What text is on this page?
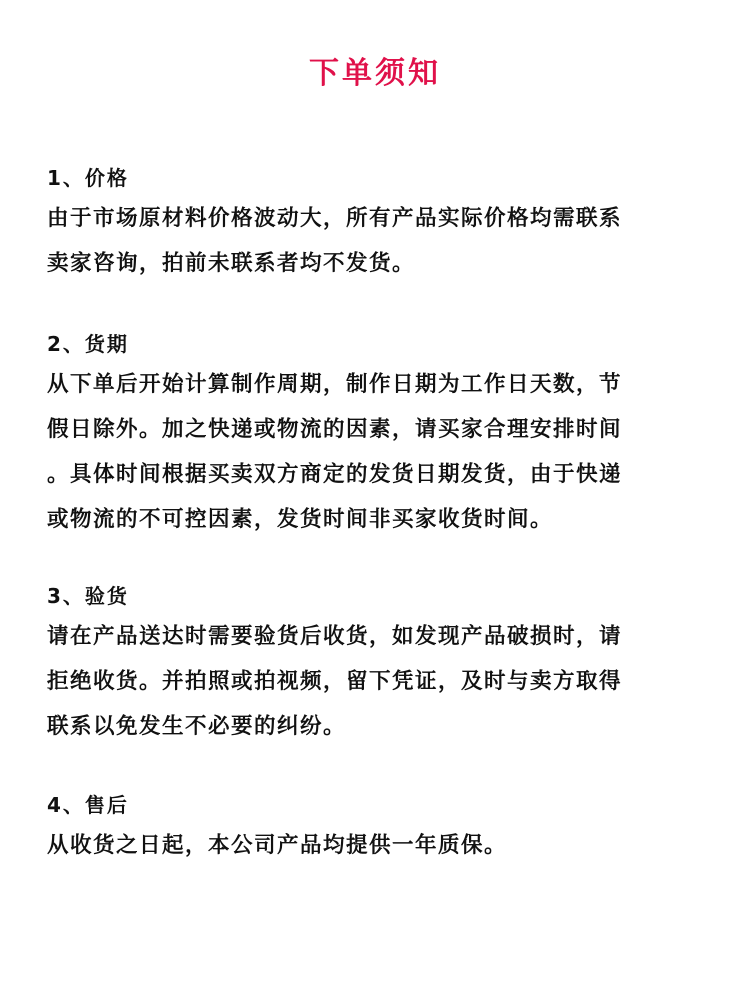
下单须知
1、价格

由于市场原材料价格波动大，所有产品实际价格均需联系
卖家咨询，拍前未联系者均不发货。

2、货期

从下单后开始计算制作周期，制作日期为工作日天数，节
假日除外。加之快递或物流的因素，请买家合理安排时间
。具体时间根据买卖双方商定的发货日期发货，由于快递
或物流的不可控因素，发货时间非买家收货时间。

3、验货

请在产品送达时需要验货后收货，如发现产品破损时，请
拒绝收货。并拍照或拍视频，留下凭证，及时与卖方取得
联系以免发生不必要的纠纷。

4、售后

从收货之日起，本公司产品均提供一年质保。
